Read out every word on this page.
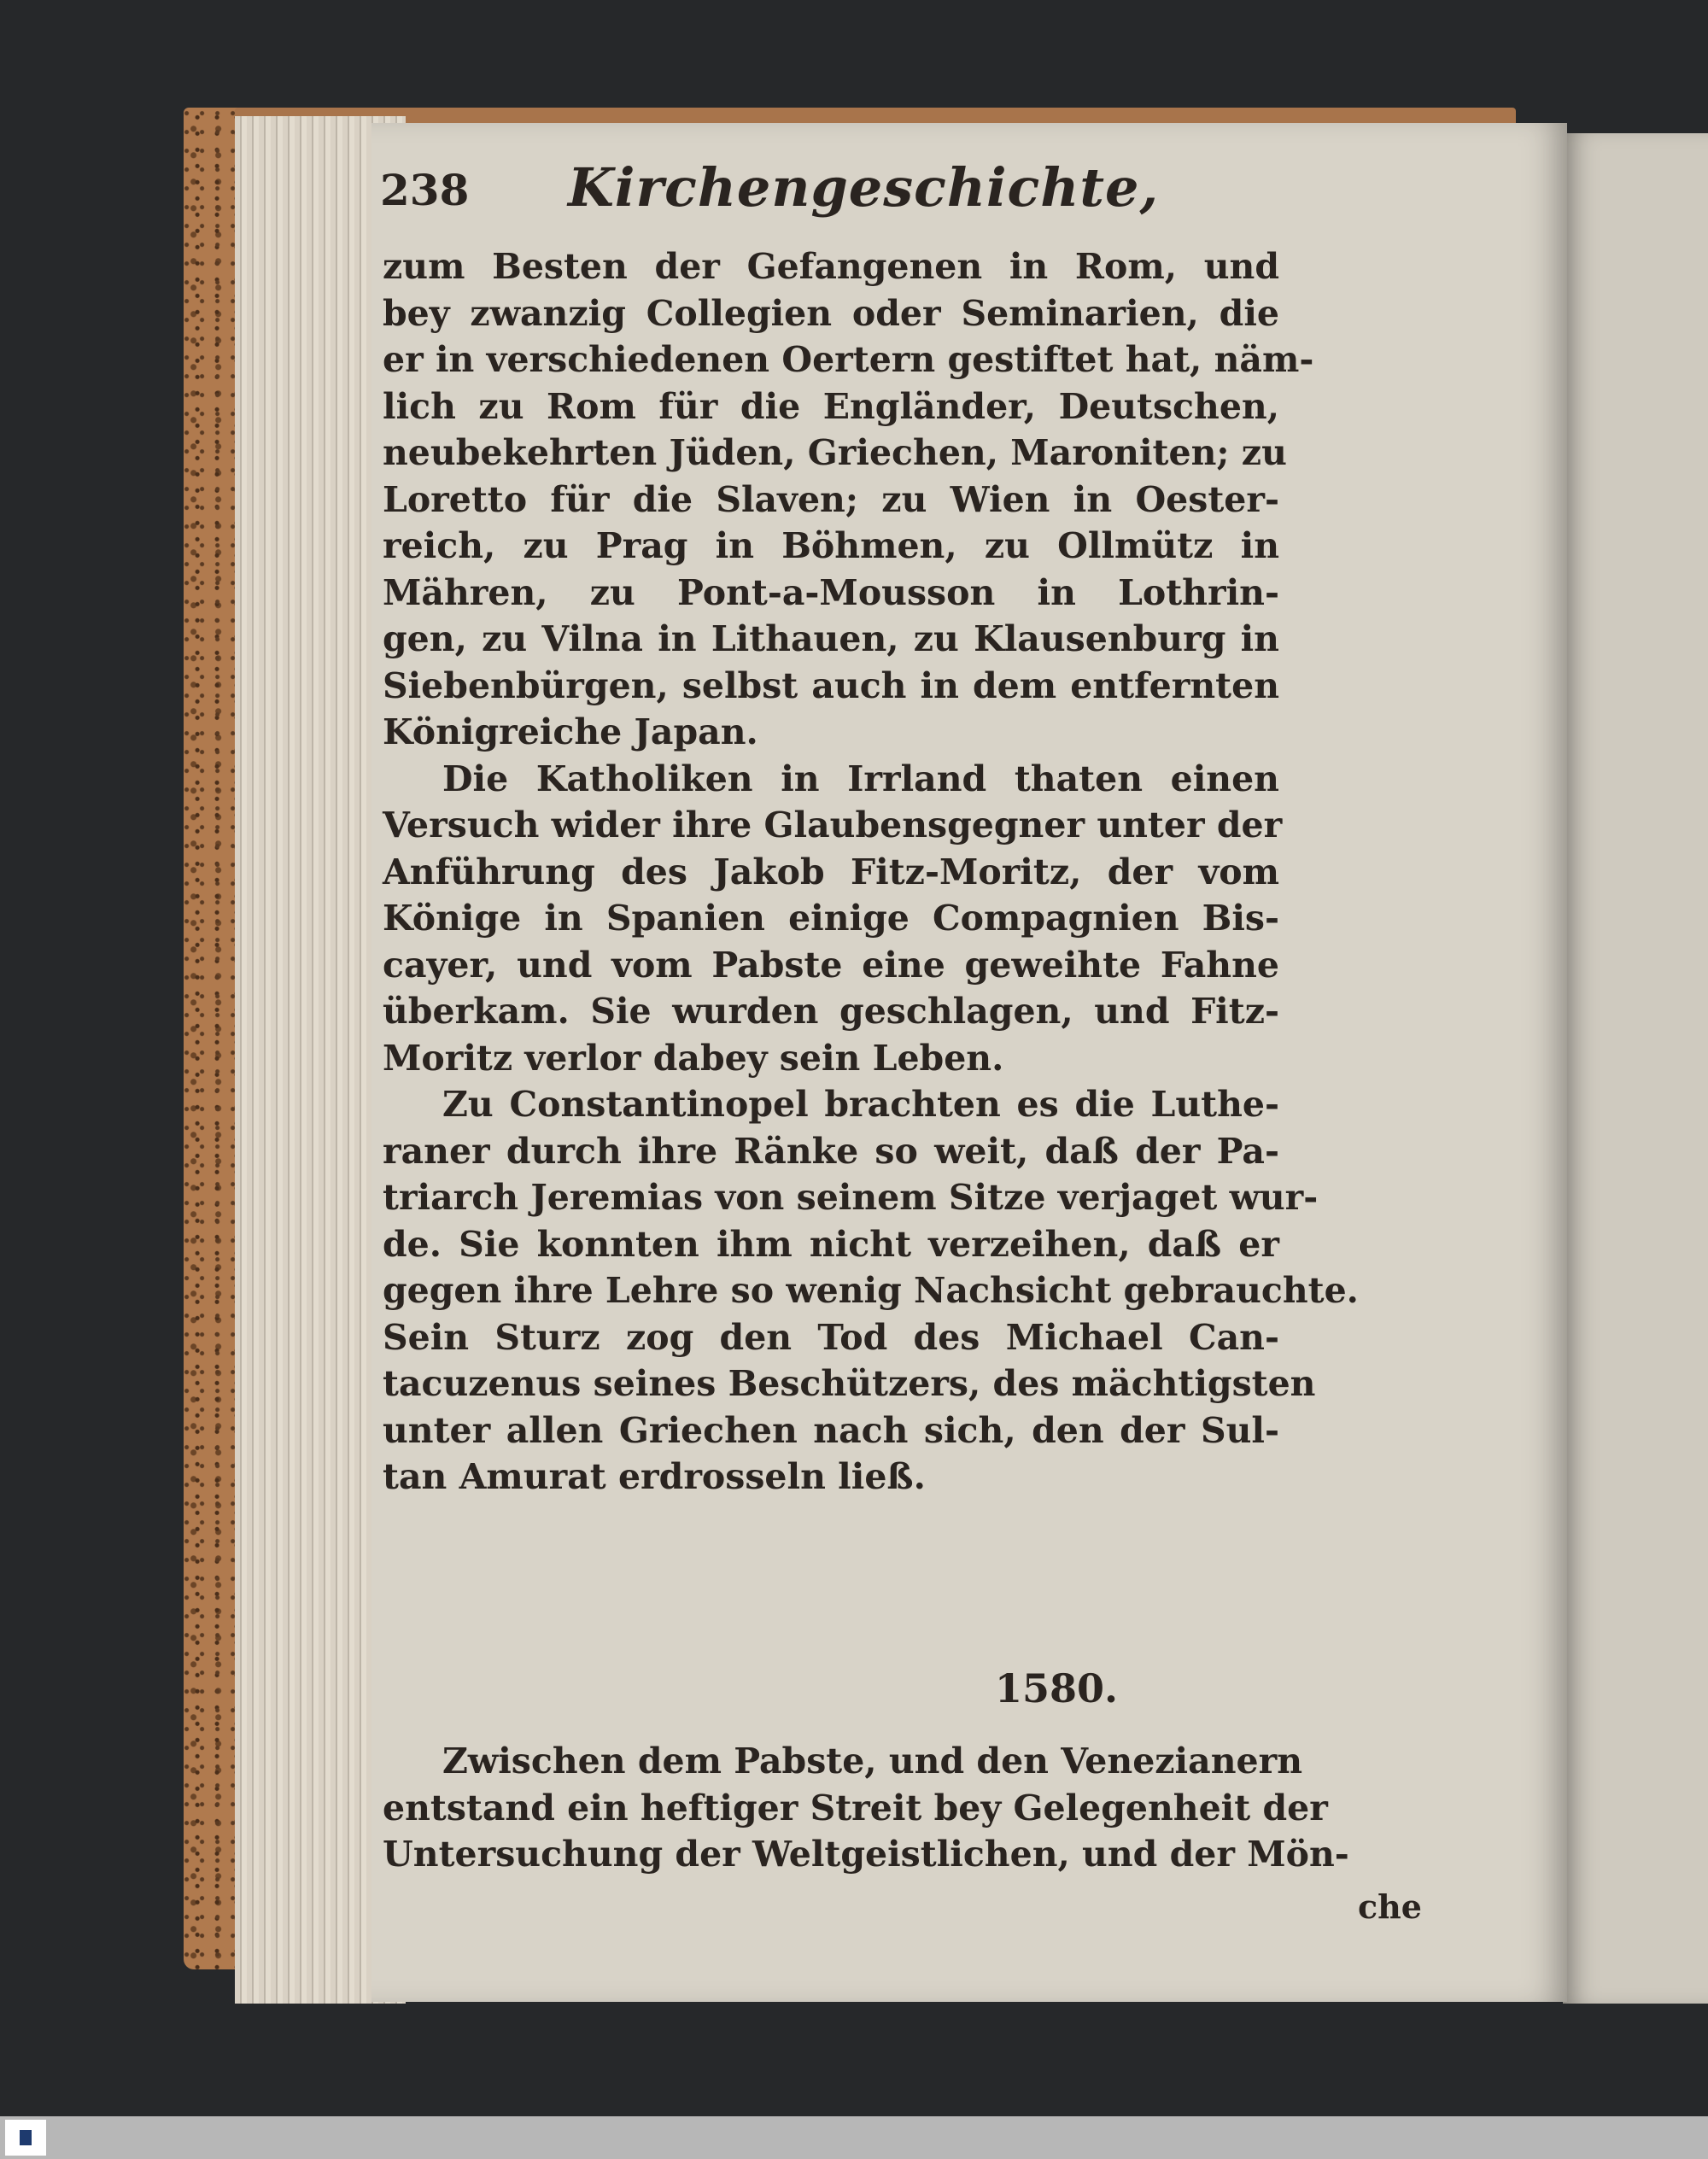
238 Kirchengeschichte,
zum Besten der Gefangenen in Rom, und
bey zwanzig Collegien oder Seminarien, die
er in verschiedenen Oertern gestiftet hat, näm-
lich zu Rom für die Engländer, Deutschen,
neubekehrten Jüden, Griechen, Maroniten; zu
Loretto für die Slaven; zu Wien in Oester-
reich, zu Prag in Böhmen, zu Ollmütz in
Mähren, zu Pont-a-Mousson in Lothrin-
gen, zu Vilna in Lithauen, zu Klausenburg in
Siebenbürgen, selbst auch in dem entfernten
Königreiche Japan.
Die Katholiken in Irrland thaten einen
Versuch wider ihre Glaubensgegner unter der
Anführung des Jakob Fitz-Moritz, der vom
Könige in Spanien einige Compagnien Bis-
cayer, und vom Pabste eine geweihte Fahne
überkam. Sie wurden geschlagen, und Fitz-
Moritz verlor dabey sein Leben.
Zu Constantinopel brachten es die Luthe-
raner durch ihre Ränke so weit, daß der Pa-
triarch Jeremias von seinem Sitze verjaget wur-
de. Sie konnten ihm nicht verzeihen, daß er
gegen ihre Lehre so wenig Nachsicht gebrauchte.
Sein Sturz zog den Tod des Michael Can-
tacuzenus seines Beschützers, des mächtigsten
unter allen Griechen nach sich, den der Sul-
tan Amurat erdrosseln ließ.
1580.
Zwischen dem Pabste, und den Venezianern
entstand ein heftiger Streit bey Gelegenheit der
Untersuchung der Weltgeistlichen, und der Mön-
che
